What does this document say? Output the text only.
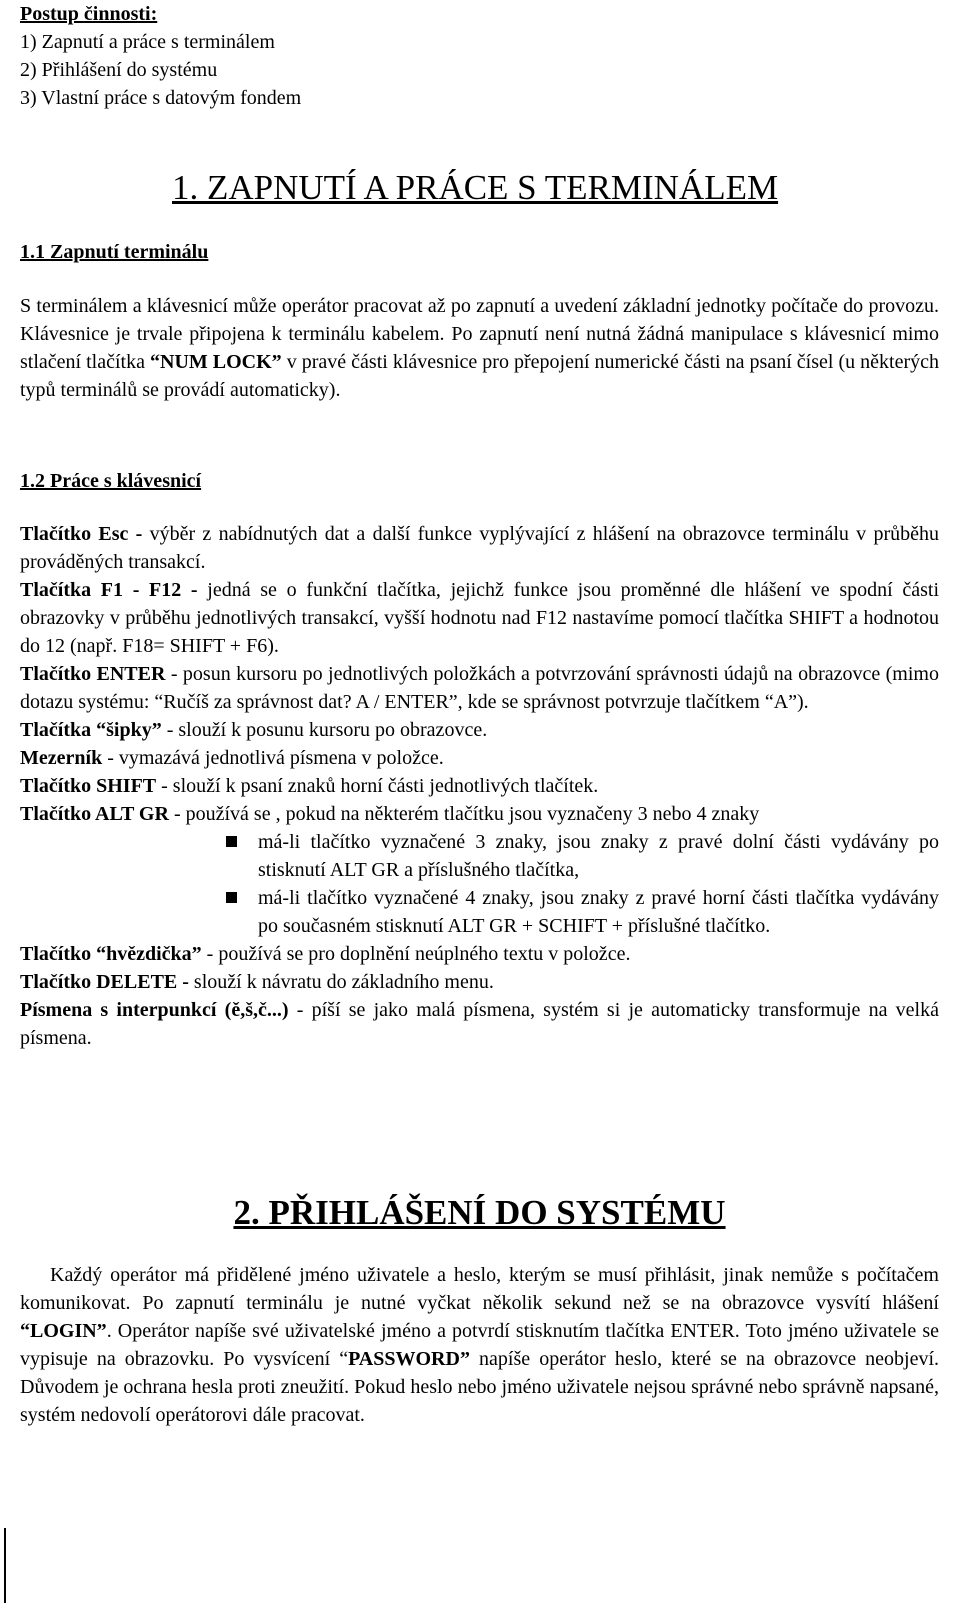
Postup činnosti:
1) Zapnutí a práce s terminálem
2) Přihlášení do systému
3) Vlastní práce s datovým fondem
1. ZAPNUTÍ A PRÁCE S TERMINÁLEM
1.1 Zapnutí terminálu
S terminálem a klávesnicí může operátor pracovat až po zapnutí a uvedení základní jednotky počítače do provozu. Klávesnice je trvale připojena k terminálu kabelem. Po zapnutí není nutná žádná manipulace s klávesnicí mimo stlačení tlačítka “NUM LOCK” v pravé části klávesnice pro přepojení numerické části na psaní čísel (u některých typů terminálů se provádí automaticky).
1.2 Práce s klávesnicí

Tlačítko Esc - výběr z nabídnutých dat a další funkce vyplývající z hlášení na obrazovce terminálu v průběhu prováděných transakcí.

Tlačítka F1 - F12 - jedná se o funkční tlačítka, jejichž funkce jsou proměnné dle hlášení ve spodní části obrazovky v průběhu jednotlivých transakcí, vyšší hodnotu nad F12 nastavíme pomocí tlačítka SHIFT a hodnotou do 12 (např. F18= SHIFT + F6).

Tlačítko ENTER - posun kursoru po jednotlivých položkách a potvrzování správnosti údajů na obrazovce (mimo dotazu systému: “Ručíš za správnost dat? A / ENTER”, kde se správnost potvrzuje tlačítkem “A”).

Tlačítka “šipky” - slouží k posunu kursoru po obrazovce.

Mezerník - vymazává jednotlivá písmena v položce.

Tlačítko SHIFT - slouží k psaní znaků horní části jednotlivých tlačítek.

Tlačítko ALT GR - používá se , pokud na některém tlačítku jsou vyznačeny 3 nebo 4 znaky

má-li tlačítko vyznačené 3 znaky, jsou znaky z pravé dolní části vydávány po stisknutí ALT GR a příslušného tlačítka,
má-li tlačítko vyznačené 4 znaky, jsou znaky z pravé horní části tlačítka vydávány po současném stisknutí ALT GR + SCHIFT + příslušné tlačítko.

Tlačítko “hvězdička” - používá se pro doplnění neúplného textu v položce.

Tlačítko DELETE - slouží k návratu do základního menu.

Písmena s interpunkcí (ě,š,č...) - píší se jako malá písmena, systém si je automaticky transformuje na velká písmena.

2. PŘIHLÁŠENÍ DO SYSTÉMU
Každý operátor má přidělené jméno uživatele a heslo, kterým se musí přihlásit, jinak nemůže s počítačem komunikovat. Po zapnutí terminálu je nutné vyčkat několik sekund než se na obrazovce vysvítí hlášení “LOGIN”. Operátor napíše své uživatelské jméno a potvrdí stisknutím tlačítka ENTER. Toto jméno uživatele se vypisuje na obrazovku. Po vysvícení “PASSWORD” napíše operátor heslo, které se na obrazovce neobjeví. Důvodem je ochrana hesla proti zneužití. Pokud heslo nebo jméno uživatele nejsou správné nebo správně napsané, systém nedovolí operátorovi dále pracovat.
